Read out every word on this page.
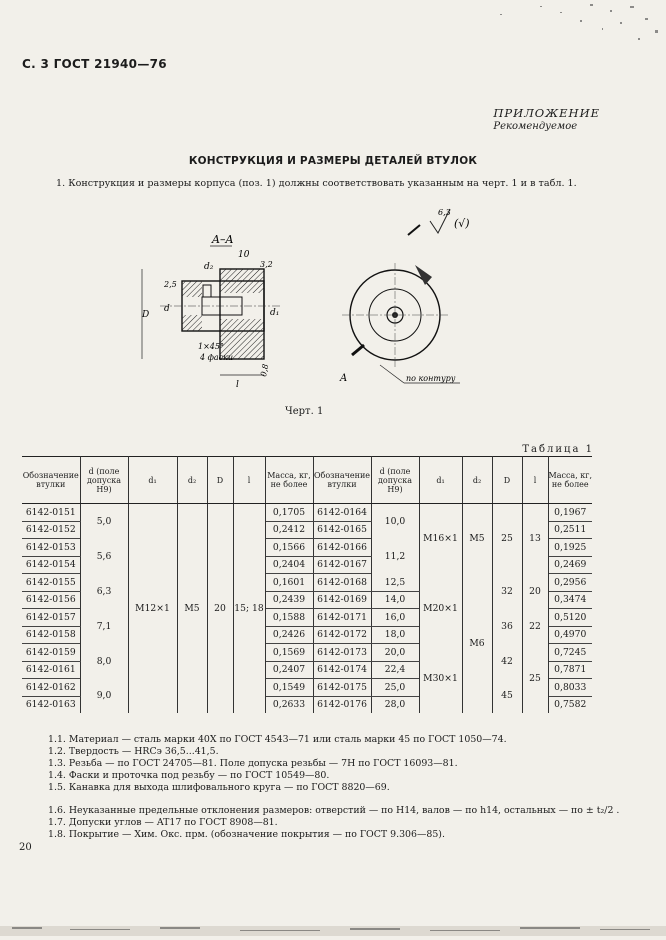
С. 3 ГОСТ 21940—76
ПРИЛОЖЕНИЕ
Рекомендуемое
КОНСТРУКЦИЯ И РАЗМЕРЫ ДЕТАЛЕЙ ВТУЛОК
1. Конструкция и размеры корпуса (поз. 1) должны соответствовать указанным на черт. 1 и в табл. 1.
A–A
d₂
10
d
D	d₁
l
1×45°
4 фаски
2,5
3,2
0,8
A	по контуру
6,3
(√)
Черт. 1
Таблица 1
Обозначение втулки	d (поле допуска H9)	d₁	d₂	D	l	Масса, кг, не более	Обозначение втулки	d (поле допуска H9)	d₁	d₂	D	l	Масса, кг, не более
6142-0151	5,0	M12×1	M5	20	15; 18	0,1705	6142-0164	10,0	M16×1	M5	25	13	0,1967
6142-0152						0,2412	6142-0165						0,2511
6142-0153	5,6					0,1566	6142-0166	11,2					0,1925
6142-0154						0,2404	6142-0167						0,2469
6142-0155	6,3					0,1601	6142-0168	12,5	M20×1	M6	32	20	0,2956
6142-0156						0,2439	6142-0169	14,0					0,3474
6142-0157	7,1					0,1588	6142-0171	16,0			36	22	0,5120
6142-0158						0,2426	6142-0172	18,0					0,4970
6142-0159	8,0					0,1569	6142-0173	20,0	M30×1		42	25	0,7245
6142-0161						0,2407	6142-0174	22,4					0,7871
6142-0162	9,0					0,1549	6142-0175	25,0			45		0,8033
6142-0163						0,2633	6142-0176	28,0					0,7582
1.1. Материал — сталь марки 40Х по ГОСТ 4543—71 или сталь марки 45 по ГОСТ 1050—74.
1.2. Твердость — HRCэ 36,5...41,5.
1.3. Резьба — по ГОСТ 24705—81. Поле допуска резьбы — 7H по ГОСТ 16093—81.
1.4. Фаски и проточка под резьбу — по ГОСТ 10549—80.
1.5. Канавка для выхода шлифовального круга — по ГОСТ 8820—69.
1.6. Неуказанные предельные отклонения размеров: отверстий — по H14, валов — по h14, остальных — по ± t₂/2 .
1.7. Допуски углов — AT17 по ГОСТ 8908—81.
1.8. Покрытие — Хим. Окс. прм. (обозначение покрытия — по ГОСТ 9.306—85).
20
